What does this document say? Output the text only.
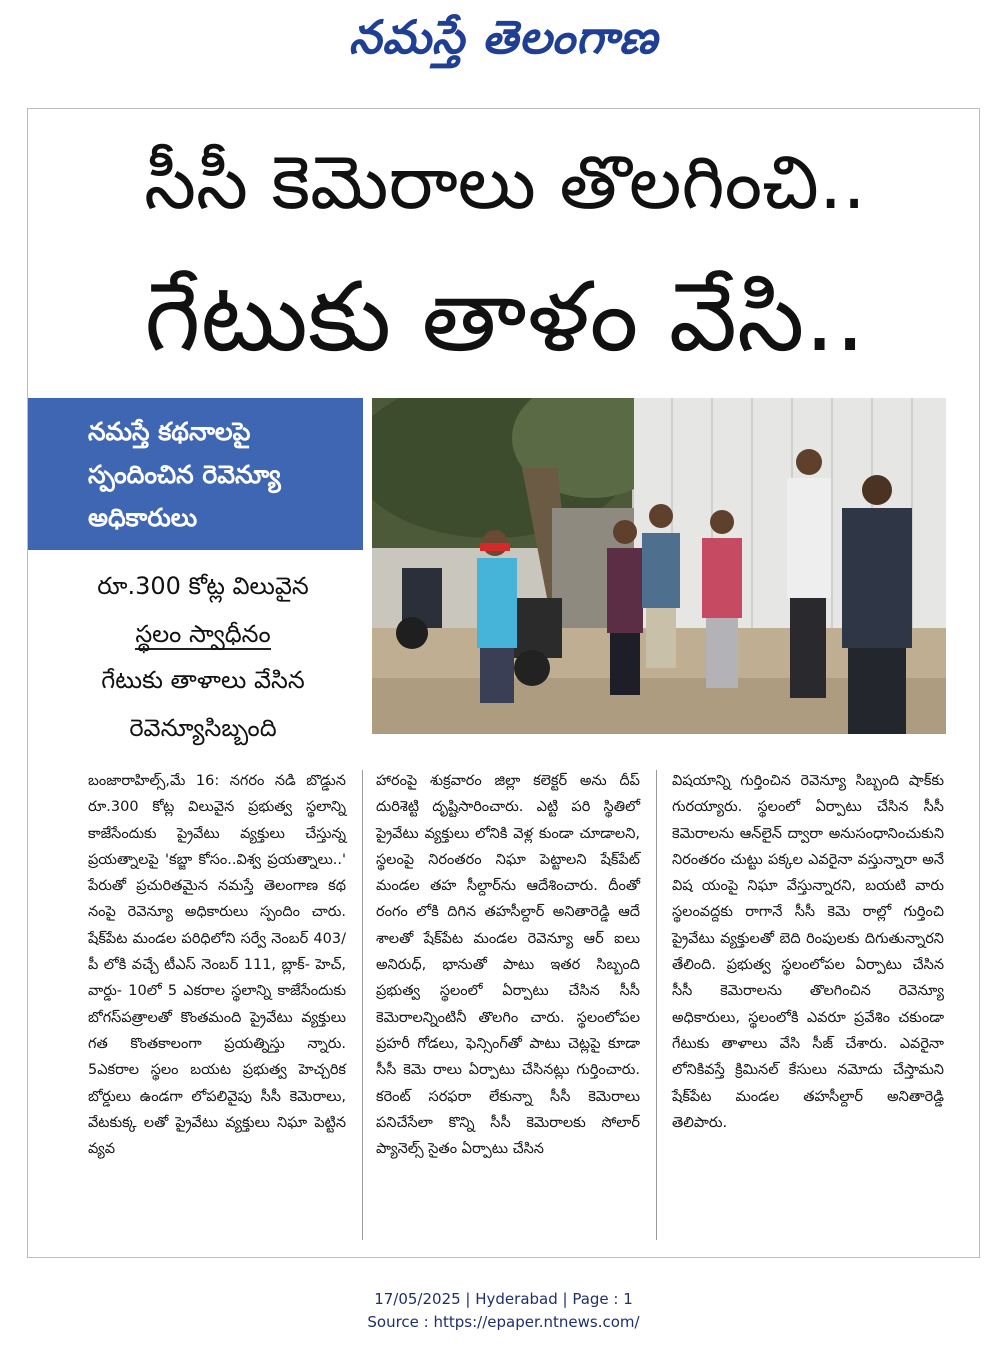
నమస్తే తెలంగాణ
సీసీ కెమెరాలు తొలగించి..
గేటుకు తాళం వేసి..
నమస్తే కథనాలపై
స్పందించిన రెవెన్యూ
అధికారులు
రూ.300 కోట్ల విలువైన
స్థలం స్వాధీనం
గేటుకు తాళాలు వేసిన
రెవెన్యూసిబ్బంది
బంజారాహిల్స్,మే 16: నగరం నడి బొడ్డున రూ.300 కోట్ల విలువైన ప్రభుత్వ స్థలాన్ని కాజేసేందుకు ప్రైవేటు వ్యక్తులు చేస్తున్న ప్రయత్నాలపై 'కబ్జా కోసం..విశ్వ ప్రయత్నాలు..' పేరుతో ప్రచురితమైన నమస్తే తెలంగాణ కథ నంపై రెవెన్యూ అధికారులు స్పందిం చారు. షేక్‌పేట మండల పరిధిలోని సర్వే నెంబర్ 403/పీ లోకి వచ్చే టీఎస్ నెంబర్ 111, బ్లాక్- హెచ్, వార్డు- 10లో 5 ఎకరాల స్థలాన్ని కాజేసేందుకు బోగస్‌పత్రాలతో కొంతమంది ప్రైవేటు వ్యక్తులు గత కొంతకాలంగా ప్రయత్నిస్తు న్నారు. 5ఎకరాల స్థలం బయట ప్రభుత్వ హెచ్చరిక బోర్డులు ఉండగా లోపలివైపు సీసీ కెమెరాలు, వేటకుక్క లతో ప్రైవేటు వ్యక్తులు నిఘా పెట్టిన వ్యవ
హారంపై శుక్రవారం జిల్లా కలెక్టర్ అను దీప్ దురిశెట్టి దృష్టిసారించారు. ఎట్టి పరి స్థితిలో ప్రైవేటు వ్యక్తులు లోనికి వెళ్ల కుండా చూడాలని, స్థలంపై నిరంతరం నిఘా పెట్టాలని షేక్‌పేట్ మండల తహ సీల్దార్‌ను ఆదేశించారు. దీంతో రంగం లోకి దిగిన తహసీల్దార్ అనితారెడ్డి ఆదే శాలతో షేక్‌పేట మండల రెవెన్యూ ఆర్ ఐలు అనిరుధ్, భానుతో పాటు ఇతర సిబ్బంది ప్రభుత్వ స్థలంలో ఏర్పాటు చేసిన సీసీ కెమెరాలన్నింటినీ తొలగిం చారు. స్థలంలోపల ప్రహరీ గోడలు, ఫెన్సింగ్‌తో పాటు చెట్లపై కూడా సీసీ కెమె రాలు ఏర్పాటు చేసినట్లు గుర్తించారు. కరెంట్ సరఫరా లేకున్నా సీసీ కెమెరాలు పనిచేసేలా కొన్ని సీసీ కెమెరాలకు సోలార్ ప్యానెల్స్ సైతం ఏర్పాటు చేసిన
విషయాన్ని గుర్తించిన రెవెన్యూ సిబ్బంది షాక్‌కు గురయ్యారు. స్థలంలో ఏర్పాటు చేసిన సీసీ కెమెరాలను ఆన్‌లైన్ ద్వారా అనుసంధానించుకుని నిరంతరం చుట్టు పక్కల ఎవరైనా వస్తున్నారా అనే విష యంపై నిఘా వేస్తున్నారని, బయటి వారు స్థలంవద్దకు రాగానే సీసీ కెమె రాల్లో గుర్తించి ప్రైవేటు వ్యక్తులతో బెది రింపులకు దిగుతున్నారని తేలింది. ప్రభుత్వ స్థలంలోపల ఏర్పాటు చేసిన సీసీ కెమెరాలను తొలగించిన రెవెన్యూ అధికారులు, స్థలంలోకి ఎవరూ ప్రవేశిం చకుండా గేటుకు తాళాలు వేసి సీజ్ చేశారు. ఎవరైనా లోనికివస్తే క్రిమినల్ కేసులు నమోదు చేస్తామని షేక్‌పేట మండల తహసీల్దార్ అనితారెడ్డి తెలిపారు.
17/05/2025 | Hyderabad | Page : 1
Source : https://epaper.ntnews.com/
